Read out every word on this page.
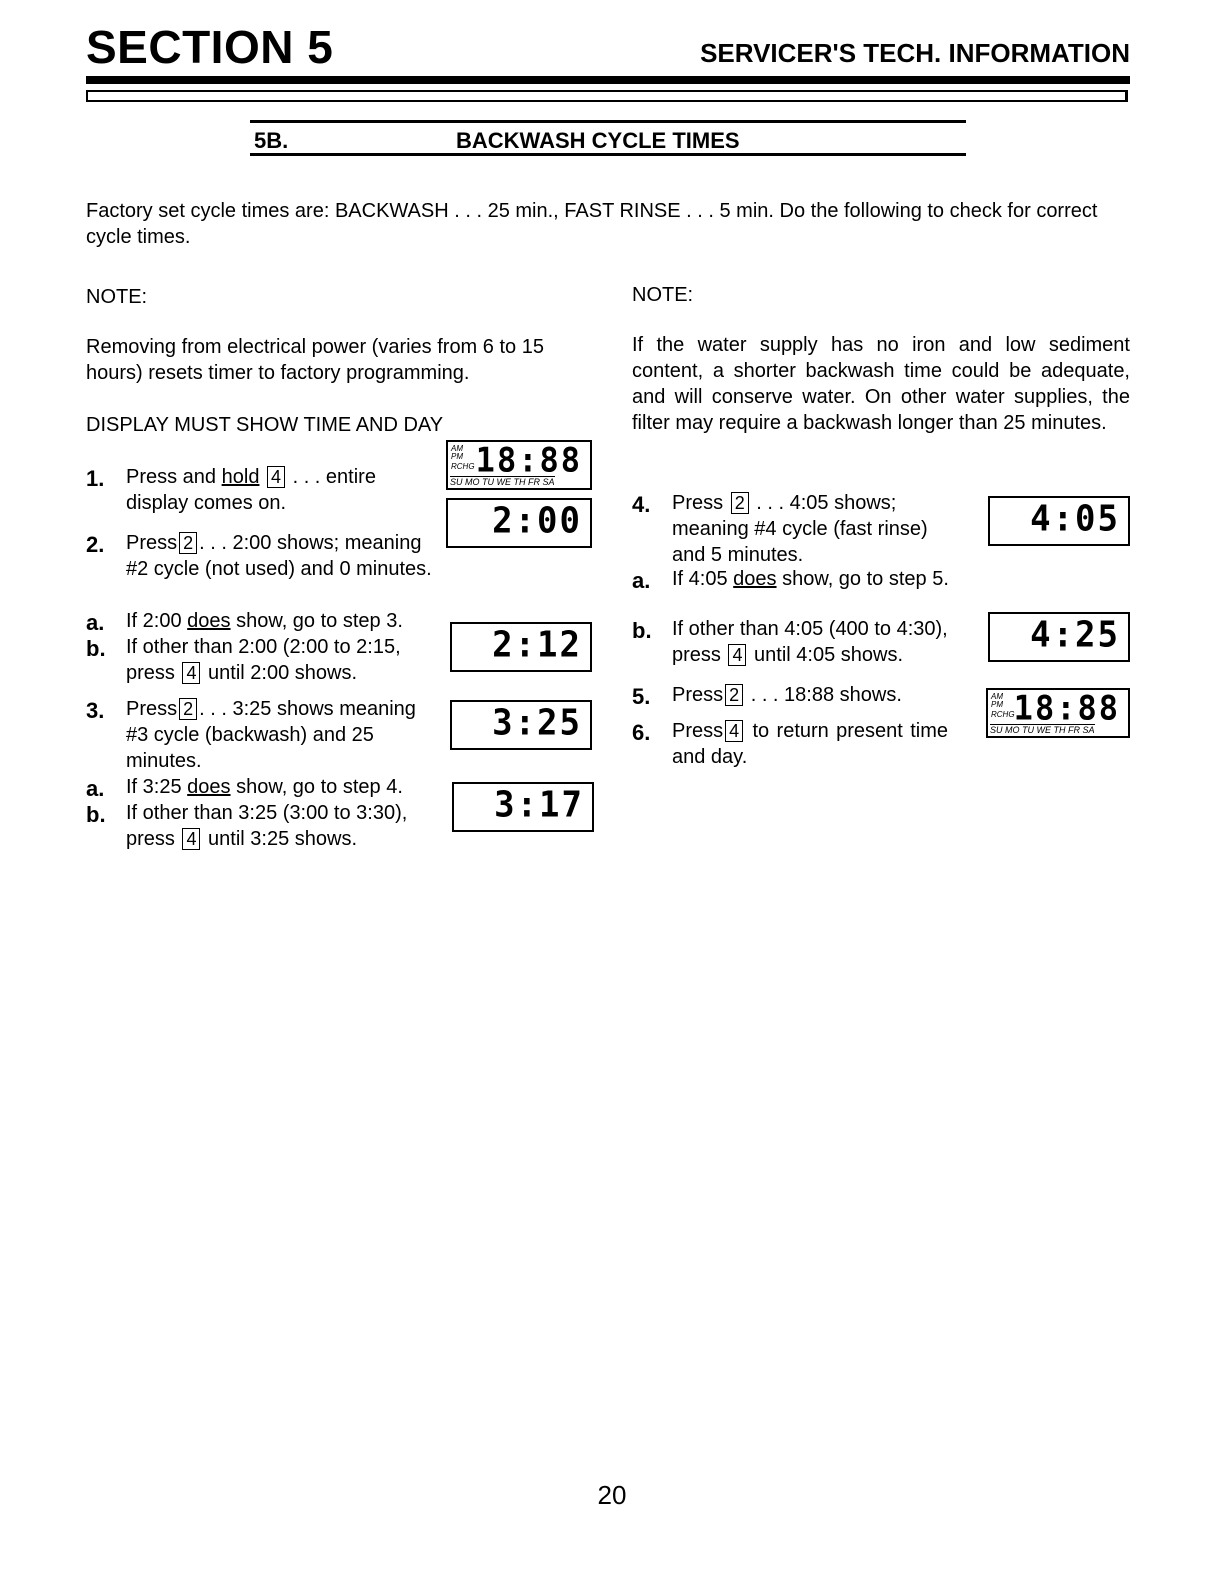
SECTION 5	SERVICER'S TECH. INFORMATION
5B.	BACKWASH CYCLE TIMES
Factory set cycle times are: BACKWASH . . . 25 min., FAST RINSE . . . 5 min. Do the following to check for correct cycle times.
NOTE:
Removing from electrical power (varies from 6 to 15 hours) resets timer to factory programming.
DISPLAY MUST SHOW TIME AND DAY
1. Press and hold 4 . . . entire display comes on.
AM
PM
RCHG 18:88
SU MO TU WE TH FR SA
2. Press 2 . . . 2:00 shows; meaning #2 cycle (not used) and 0 minutes.
2:00
a. If 2:00 does show, go to step 3.
b. If other than 2:00 (2:00 to 2:15, press 4 until 2:00 shows.
2:12
3. Press 2 . . . 3:25 shows meaning #3 cycle (backwash) and 25 minutes.
3:25
a. If 3:25 does show, go to step 4.
b. If other than 3:25 (3:00 to 3:30), press 4 until 3:25 shows.
3:17
NOTE:
If the water supply has no iron and low sediment content, a shorter backwash time could be adequate, and will conserve water. On other water supplies, the filter may require a backwash longer than 25 minutes.
4. Press 2 . . . 4:05 shows; meaning #4 cycle (fast rinse) and 5 minutes.
4:05
a. If 4:05 does show, go to step 5.
b. If other than 4:05 (400 to 4:30), press 4 until 4:05 shows.	4:25
5. Press 2 . . . 18:88 shows.	AM
PM
RCHG 18:88
SU MO TU WE TH FR SA
6. Press 4 to return present time and day.
20
